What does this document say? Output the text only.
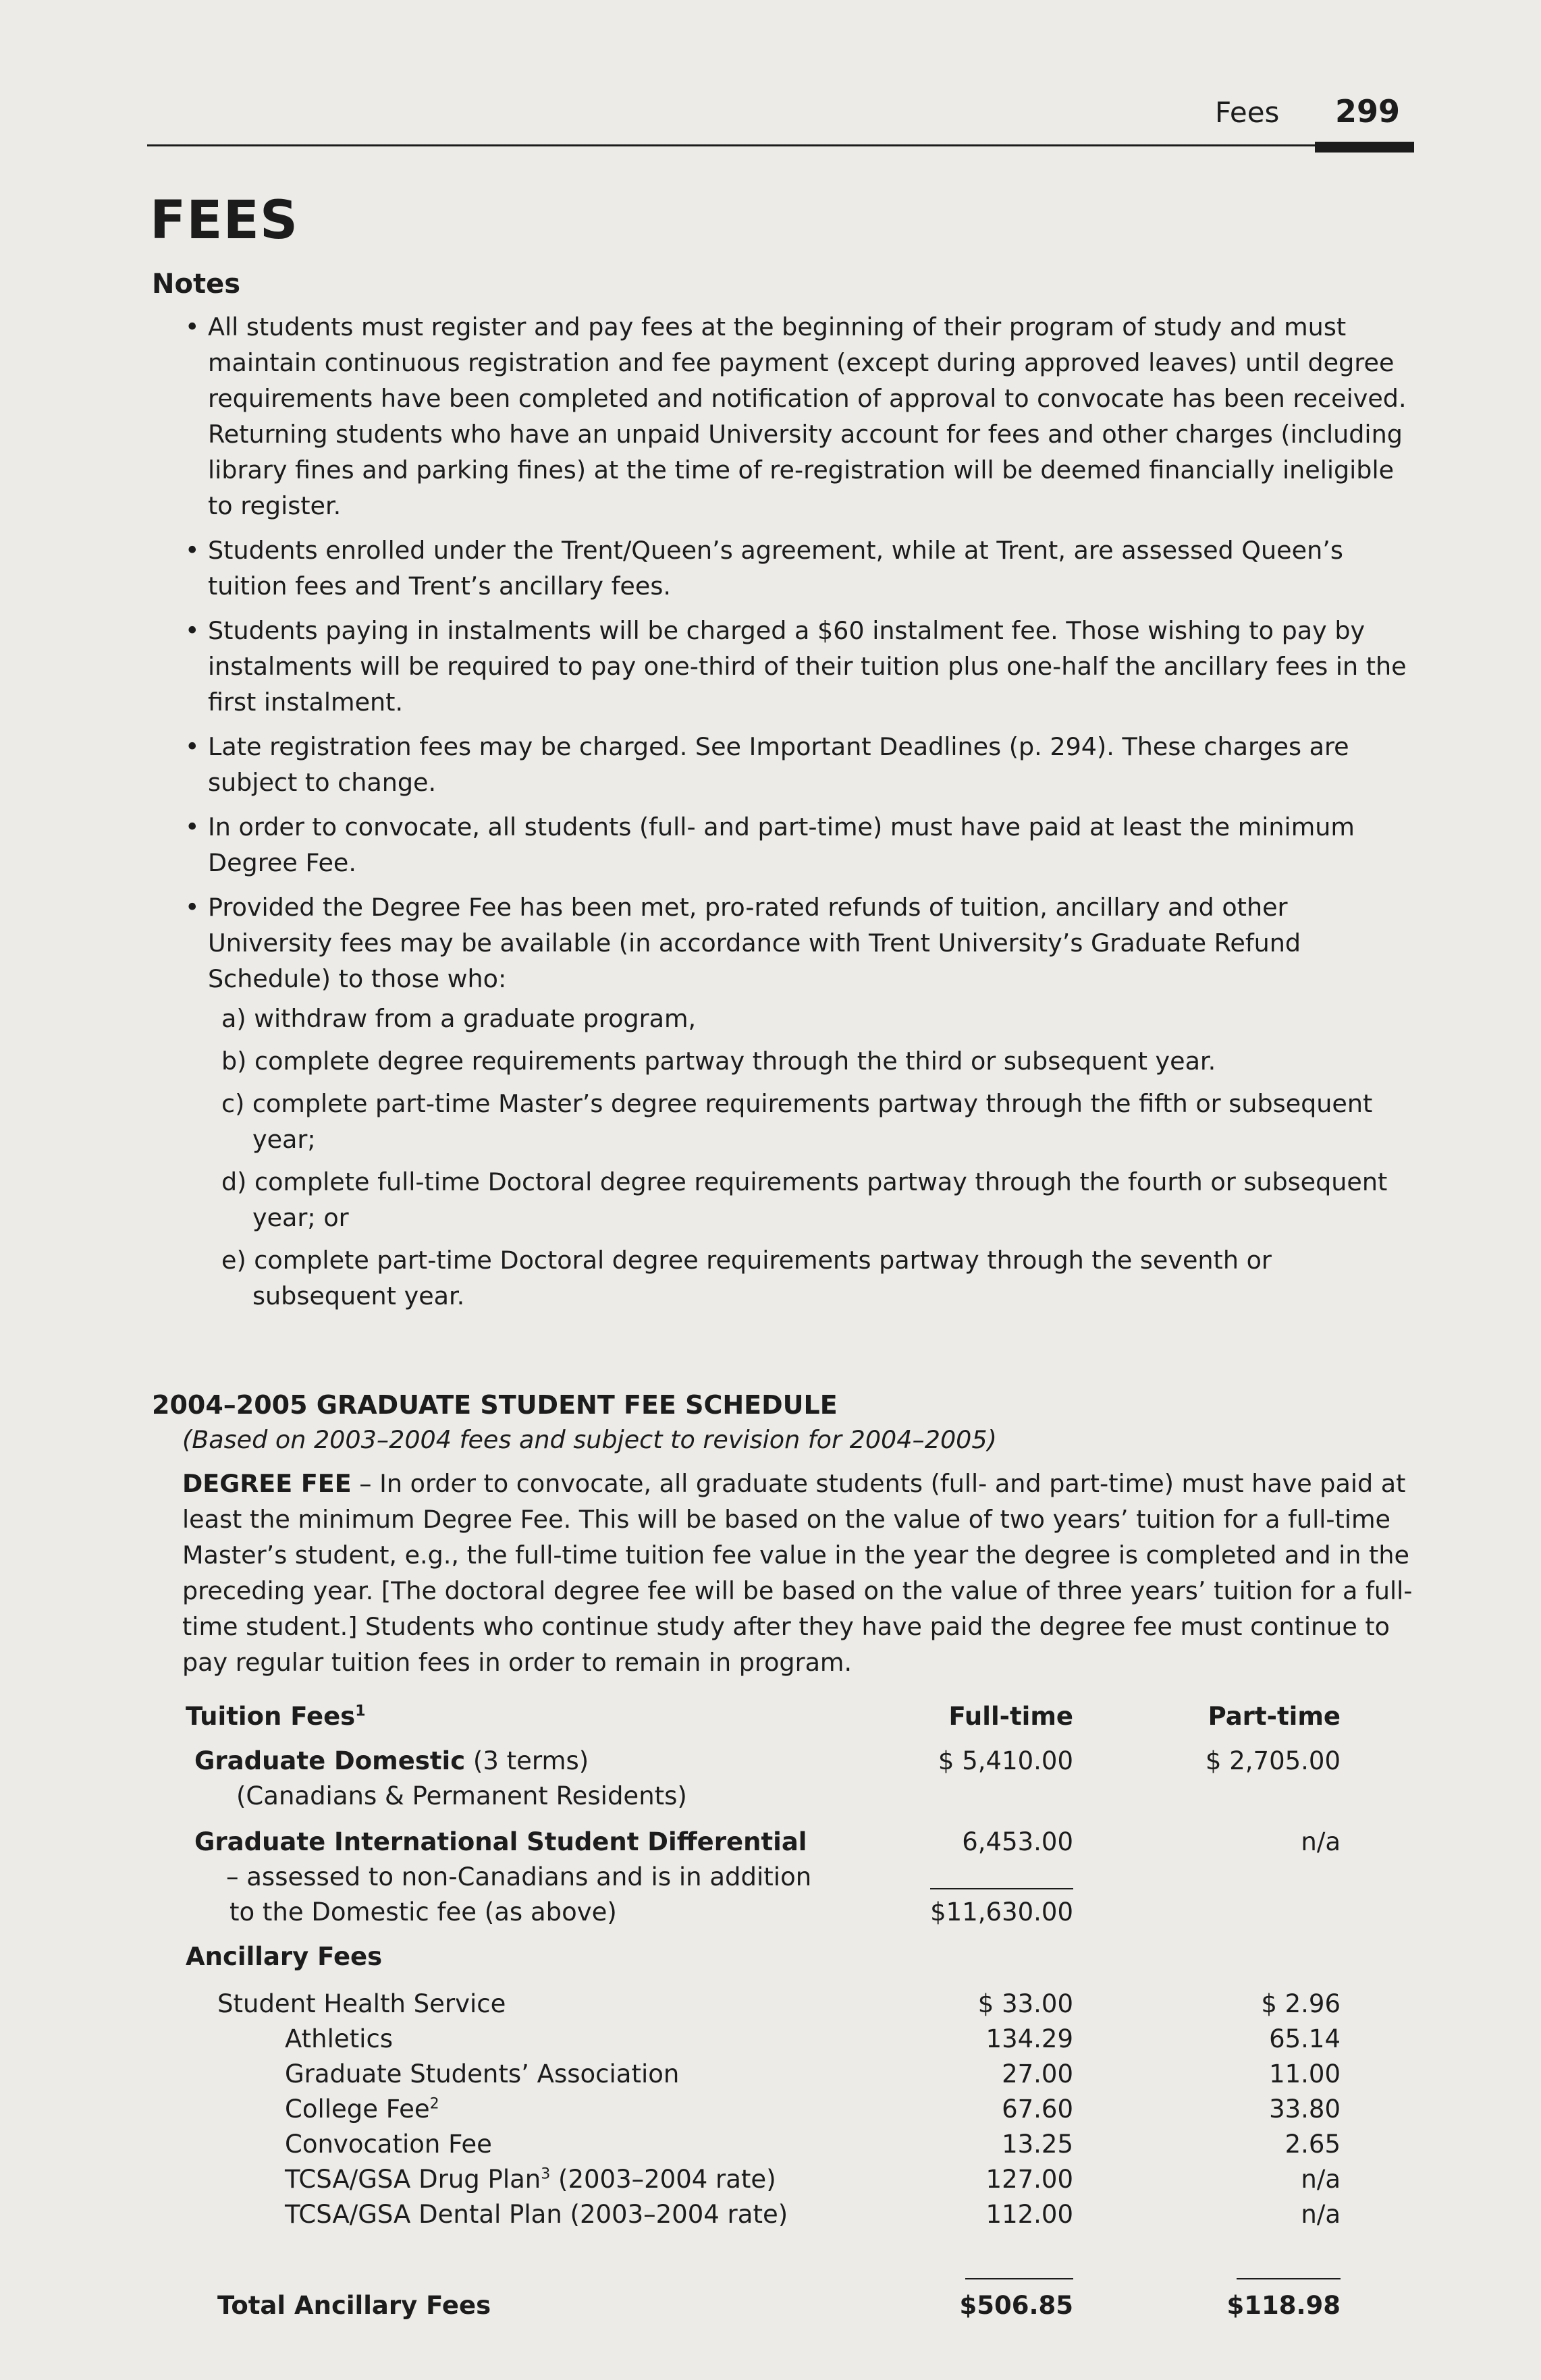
Fees 299
FEES
Notes
• All students must register and pay fees at the beginning of their program of study and must maintain continuous registration and fee payment (except during approved leaves) until degree requirements have been completed and notification of approval to convocate has been received. Returning students who have an unpaid University account for fees and other charges (including library fines and parking fines) at the time of re-registration will be deemed financially ineligible to register.
• Students enrolled under the Trent/Queen’s agreement, while at Trent, are assessed Queen’s tuition fees and Trent’s ancillary fees.
• Students paying in instalments will be charged a $60 instalment fee. Those wishing to pay by instalments will be required to pay one-third of their tuition plus one-half the ancillary fees in the first instalment.
• Late registration fees may be charged. See Important Deadlines (p. 294). These charges are subject to change.
• In order to convocate, all students (full- and part-time) must have paid at least the minimum Degree Fee.
• Provided the Degree Fee has been met, pro-rated refunds of tuition, ancillary and other University fees may be available (in accordance with Trent University’s Graduate Refund Schedule) to those who:
a) withdraw from a graduate program,
b) complete degree requirements partway through the third or subsequent year.
c) complete part-time Master’s degree requirements partway through the fifth or subsequent year;
d) complete full-time Doctoral degree requirements partway through the fourth or subsequent year; or
e) complete part-time Doctoral degree requirements partway through the seventh or subsequent year.
2004–2005 GRADUATE STUDENT FEE SCHEDULE
(Based on 2003–2004 fees and subject to revision for 2004–2005)
DEGREE FEE – In order to convocate, all graduate students (full- and part-time) must have paid at least the minimum Degree Fee. This will be based on the value of two years’ tuition for a full-time Master’s student, e.g., the full-time tuition fee value in the year the degree is completed and in the preceding year. [The doctoral degree fee will be based on the value of three years’ tuition for a full-time student.] Students who continue study after they have paid the degree fee must continue to pay regular tuition fees in order to remain in program.
Tuition Fees$^1$	Full-time	Part-time
Graduate Domestic (3 terms)
(Canadians & Permanent Residents)
$ 5,410.00	$ 2,705.00
Graduate International Student Differential
– assessed to non-Canadians and is in addition
to the Domestic fee (as above)
6,453.00	n/a
$11,630.00
Ancillary Fees
Student Health Service	$ 33.00	$ 2.96
Athletics	134.29	65.14
Graduate Students’ Association	27.00	11.00
College Fee$^2$	67.60	33.80
Convocation Fee	13.25	2.65
TCSA/GSA Drug Plan$^3$ (2003–2004 rate)	127.00	n/a
TCSA/GSA Dental Plan (2003–2004 rate)	112.00	n/a
Total Ancillary Fees	$506.85	$118.98
